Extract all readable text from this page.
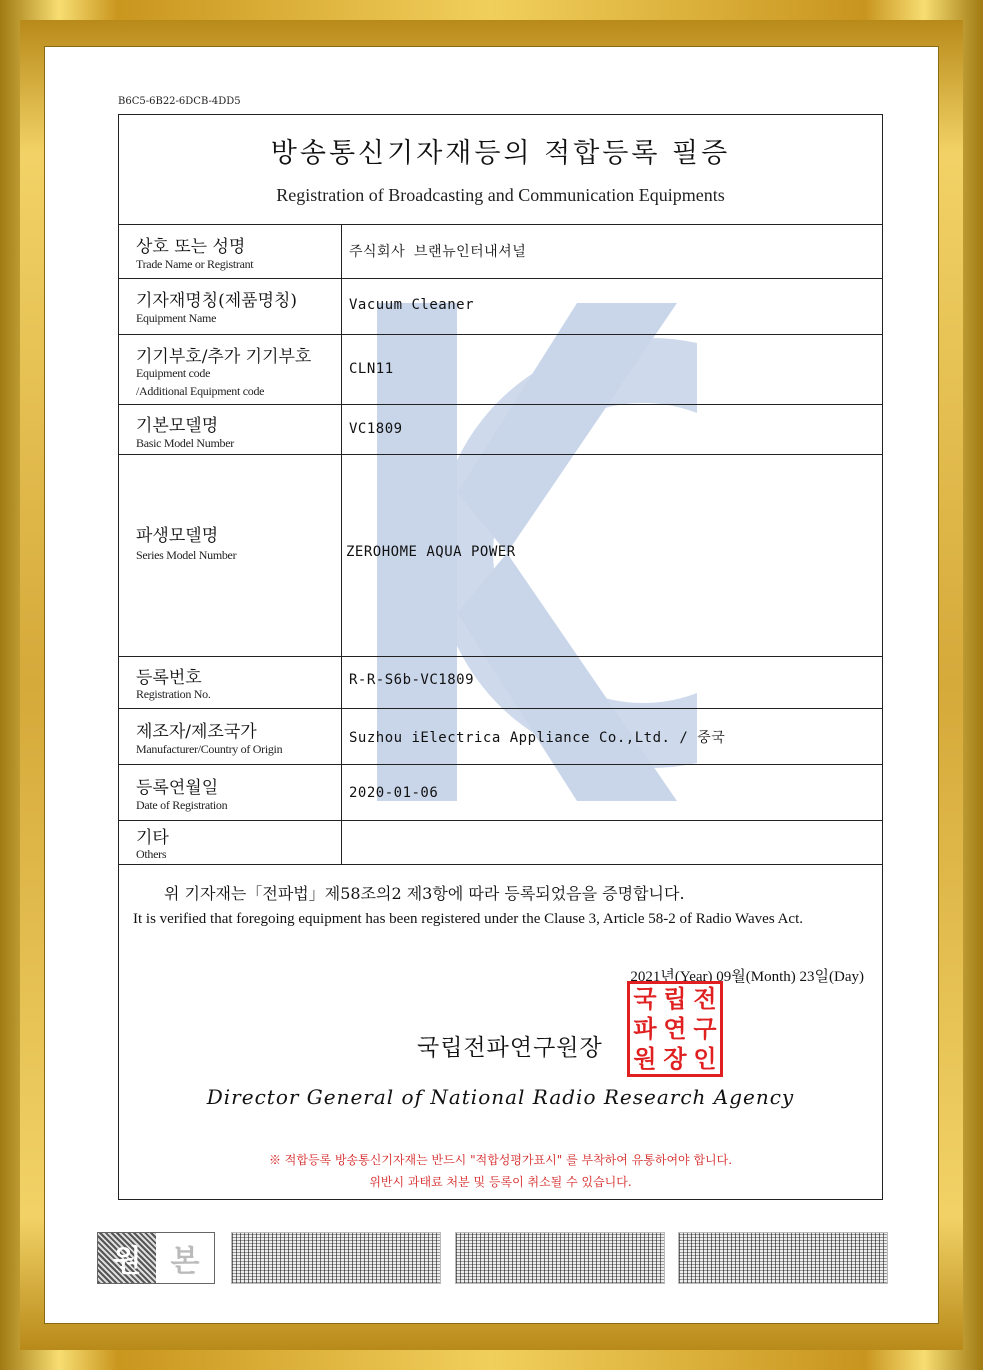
B6C5-6B22-6DCB-4DD5
방송통신기자재등의 적합등록 필증
Registration of Broadcasting and Communication Equipments
상호 또는 성명
Trade Name or Registrant
주식회사 브랜뉴인터내셔널
기자재명칭(제품명칭)
Equipment Name
Vacuum Cleaner
기기부호/추가 기기부호
Equipment code
/Additional Equipment code
CLN11
기본모델명
Basic Model Number
VC1809
파생모델명
Series Model Number	ZEROHOME AQUA POWER
등록번호
Registration No.
R-R-S6b-VC1809
제조자/제조국가
Manufacturer/Country of Origin
Suzhou iElectrica Appliance Co.,Ltd. / 중국
등록연월일
Date of Registration
2020-01-06
기타
Others
위 기자재는「전파법」제58조의2 제3항에 따라 등록되었음을 증명합니다.
It is verified that foregoing equipment has been registered under the Clause 3, Article 58-2 of Radio Waves Act.
2021년(Year) 09월(Month) 23일(Day)
국립전파연구원장
국 립 전
파 연 구
원 장 인
Director General of National Radio Research Agency
※ 적합등록 방송통신기자재는 반드시 "적합성평가표시" 를 부착하여 유통하여야 합니다.
위반시 과태료 처분 및 등록이 취소될 수 있습니다.
원 본
